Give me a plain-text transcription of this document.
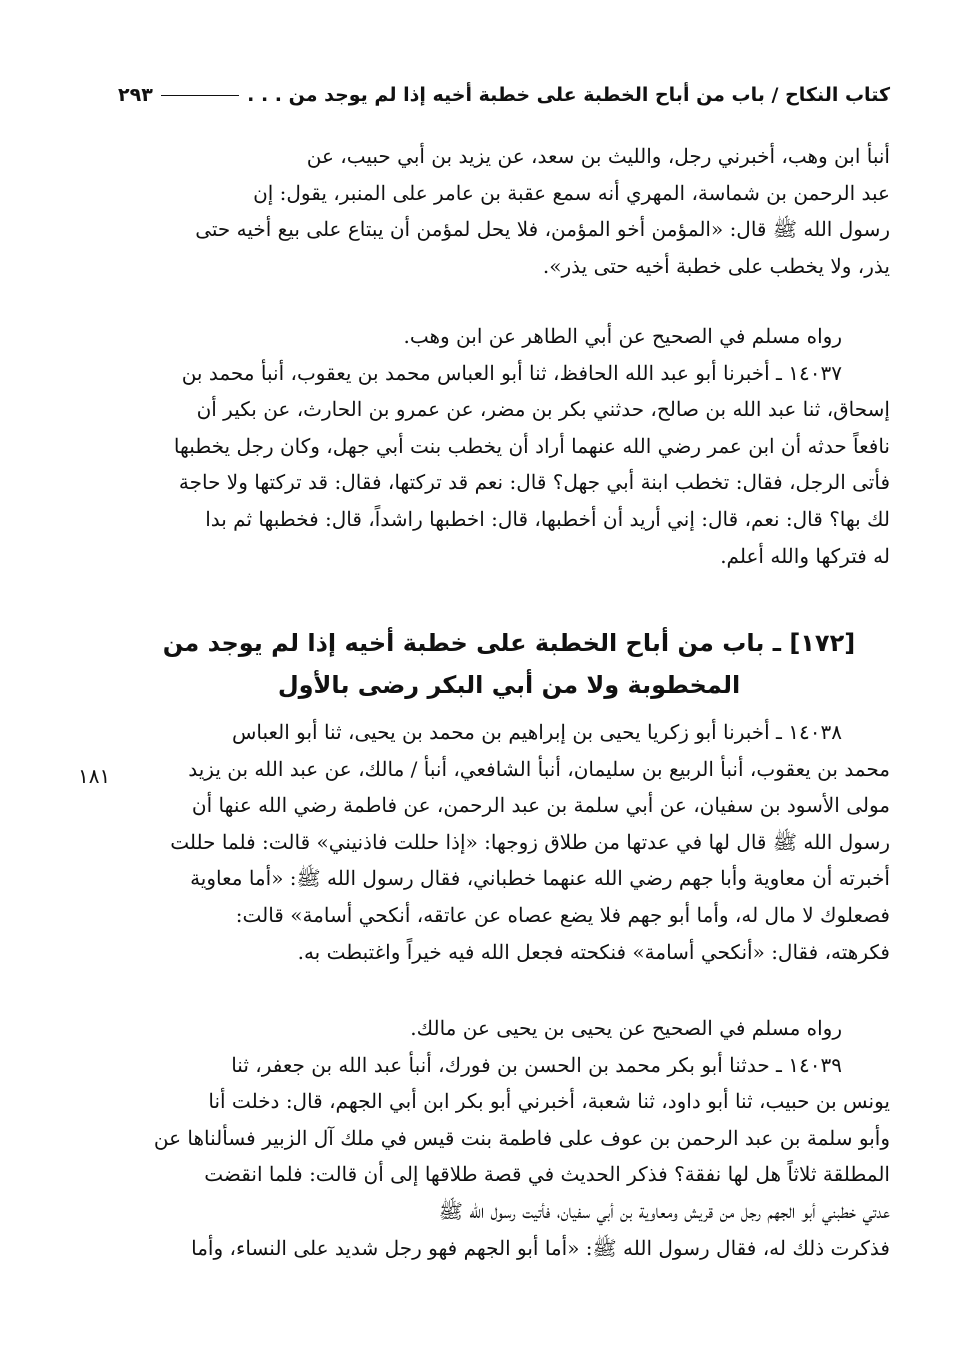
كتاب النكاح / باب من أباح الخطبة على خطبة أخيه إذا لم يوجد من . . .
٢٩٣
١٨١

أنبأ ابن وهب، أخبرني رجل، والليث بن سعد، عن يزيد بن أبي حبيب، عن

عبد الرحمن بن شماسة، المهري أنه سمع عقبة بن عامر على المنبر، يقول: إن

رسول الله ﷺ قال: «المؤمن أخو المؤمن، فلا يحل لمؤمن أن يبتاع على بيع أخيه حتى

يذر، ولا يخطب على خطبة أخيه حتى يذر».

رواه مسلم في الصحيح عن أبي الطاهر عن ابن وهب.

١٤٠٣٧ ـ أخبرنا أبو عبد الله الحافظ، ثنا أبو العباس محمد بن يعقوب، أنبأ محمد بن

إسحاق، ثنا عبد الله بن صالح، حدثني بكر بن مضر، عن عمرو بن الحارث، عن بكير أن

نافعاً حدثه أن ابن عمر رضي الله عنهما أراد أن يخطب بنت أبي جهل، وكان رجل يخطبها

فأتى الرجل، فقال: تخطب ابنة أبي جهل؟ قال: نعم قد تركتها، فقال: قد تركتها ولا حاجة

لك بها؟ قال: نعم، قال: إني أريد أن أخطبها، قال: اخطبها راشداً، قال: فخطبها ثم بدا

له فتركها والله أعلم.

[١٧٢] ـ باب من أباح الخطبة على خطبة أخيه إذا لم يوجد من
المخطوبة ولا من أبي البكر رضى بالأول

١٤٠٣٨ ـ أخبرنا أبو زكريا يحيى بن إبراهيم بن محمد بن يحيى، ثنا أبو العباس

محمد بن يعقوب، أنبأ الربيع بن سليمان، أنبأ الشافعي، أنبأ / مالك، عن عبد الله بن يزيد

مولى الأسود بن سفيان، عن أبي سلمة بن عبد الرحمن، عن فاطمة رضي الله عنها أن

رسول الله ﷺ قال لها في عدتها من طلاق زوجها: «إذا حللت فاذنيني» قالت: فلما حللت

أخبرته أن معاوية وأبا جهم رضي الله عنهما خطباني، فقال رسول الله ﷺ: «أما معاوية

فصعلوك لا مال له، وأما أبو جهم فلا يضع عصاه عن عاتقه، أنكحي أسامة» قالت:

فكرهته، فقال: «أنكحي أسامة» فنكحته فجعل الله فيه خيراً واغتبطت به.

رواه مسلم في الصحيح عن يحيى بن يحيى عن مالك.

١٤٠٣٩ ـ حدثنا أبو بكر محمد بن الحسن بن فورك، أنبأ عبد الله بن جعفر، ثنا

يونس بن حبيب، ثنا أبو داود، ثنا شعبة، أخبرني أبو بكر ابن أبي الجهم، قال: دخلت أنا

وأبو سلمة بن عبد الرحمن بن عوف على فاطمة بنت قيس في ملك آل الزبير فسألناها عن

المطلقة ثلاثاً هل لها نفقة؟ فذكر الحديث في قصة طلاقها إلى أن قالت: فلما انقضت

عدتي خطبني أبو الجهم رجل من قريش ومعاوية بن أبي سفيان، فأتيت رسول الله ﷺ

فذكرت ذلك له، فقال رسول الله ﷺ: «أما أبو الجهم فهو رجل شديد على النساء، وأما
